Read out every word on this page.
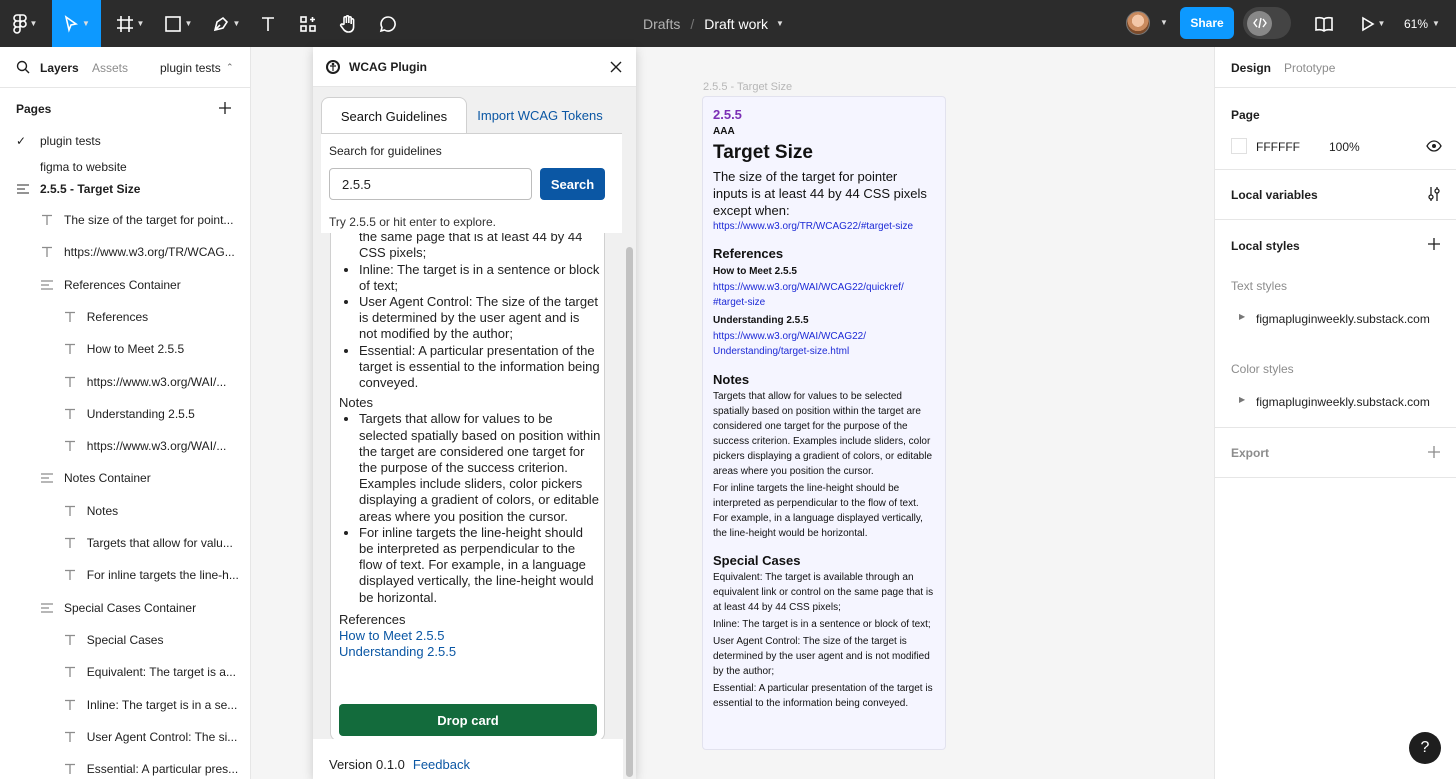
▼	▼	▼	▼	▼	Drafts / Draft work ▼	▼	Share	▼ 61% ▼
Layers Assets	plugin tests ⌃
Pages
✓	plugin tests
figma to website
2.5.5 - Target Size
The size of the target for point...
https://www.w3.org/TR/WCAG...
References Container
References
How to Meet 2.5.5
https://www.w3.org/WAI/...
Understanding 2.5.5
https://www.w3.org/WAI/...
Notes Container
Notes
Targets that allow for valu...
For inline targets the line-h...
Special Cases Container
Special Cases
Equivalent: The target is a...
Inline: The target is in a se...
User Agent Control: The si...
Essential: A particular pres...
2.5.5 - Target Size
2.5.5
AAA
Target Size
The size of the target for pointer inputs is at least 44 by 44 CSS pixels except when:
https://www.w3.org/TR/WCAG22/#target-size
References
How to Meet 2.5.5
https://www.w3.org/WAI/WCAG22/quickref/
#target-size
Understanding 2.5.5
https://www.w3.org/WAI/WCAG22/
Understanding/target-size.html
Notes
Targets that allow for values to be selected spatially based on position within the target are considered one target for the purpose of the success criterion. Examples include sliders, color pickers displaying a gradient of colors, or editable areas where you position the cursor.
For inline targets the line-height should be interpreted as perpendicular to the flow of text. For example, in a language displayed vertically, the line-height would be horizontal.
Special Cases
Equivalent: The target is available through an equivalent link or control on the same page that is at least 44 by 44 CSS pixels;
Inline: The target is in a sentence or block of text;
User Agent Control: The size of the target is determined by the user agent and is not modified by the author;
Essential: A particular presentation of the target is essential to the information being conveyed.
WCAG Plugin
Search Guidelines	Import WCAG Tokens
• the same page that is at least 44 by 44 CSS pixels;
• Inline: The target is in a sentence or block of text;
• User Agent Control: The size of the target is determined by the user agent and is not modified by the author;
• Essential: A particular presentation of the target is essential to the information being conveyed.
Notes
• Targets that allow for values to be selected spatially based on position within the target are considered one target for the purpose of the success criterion. Examples include sliders, color pickers displaying a gradient of colors, or editable areas where you position the cursor.
• For inline targets the line-height should be interpreted as perpendicular to the flow of text. For example, in a language displayed vertically, the line-height would be horizontal.
References
How to Meet 2.5.5
Understanding 2.5.5
Drop card
Search for guidelines
2.5.5
Search
Try 2.5.5 or hit enter to explore.
Version 0.1.0 Feedback
Design Prototype
Page
FFFFFF 100%
Local variables
Local styles
Text styles
▶ figmapluginweekly.substack.com
Color styles
▶ figmapluginweekly.substack.com
Export
?
